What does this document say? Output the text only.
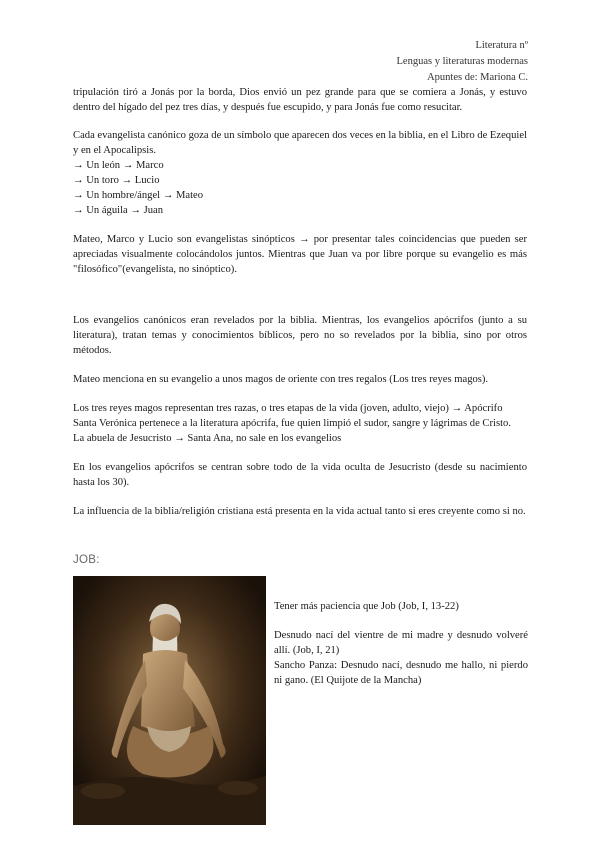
Literatura nº
Lenguas y literaturas modernas
Apuntes de: Mariona C.

tripulación tiró a Jonás por la borda, Dios envió un pez grande para que se comiera a Jonás, y estuvo dentro del hígado del pez tres días, y después fue escupido, y para Jonás fue como resucitar.

Cada evangelista canónico goza de un símbolo que aparecen dos veces en la biblia, en el Libro de Ezequiel y en el Apocalipsis.

→ Un león → Marco

→ Un toro → Lucio

→ Un hombre/ángel → Mateo

→ Un águila → Juan

Mateo, Marco y Lucio son evangelistas sinópticos → por presentar tales coincidencias que pueden ser apreciadas visualmente colocándolos juntos. Mientras que Juan va por libre porque su evangelio es más "filosófico"(evangelista, no sinóptico).

Los evangelios canónicos eran revelados por la biblia. Mientras, los evangelios apócrifos (junto a su literatura), tratan temas y conocimientos bíblicos, pero no so revelados por la biblia, sino por otros métodos.

Mateo menciona en su evangelio a unos magos de oriente con tres regalos (Los tres reyes magos).

Los tres reyes magos representan tres razas, o tres etapas de la vida (joven, adulto, viejo) → Apócrifo

Santa Verónica pertenece a la literatura apócrifa, fue quien limpió el sudor, sangre y lágrimas de Cristo.

La abuela de Jesucristo → Santa Ana, no sale en los evangelios

En los evangelios apócrifos se centran sobre todo de la vida oculta de Jesucristo (desde su nacimiento hasta los 30).

La influencia de la biblia/religión cristiana está presenta en la vida actual tanto si eres creyente como si no.

JOB:

Tener más paciencia que Job (Job, I, 13-22)

Desnudo nací del vientre de mi madre y desnudo volveré allí. (Job, I, 21)

Sancho Panza: Desnudo nací, desnudo me hallo, ni pierdo ni gano. (El Quijote de la Mancha)
